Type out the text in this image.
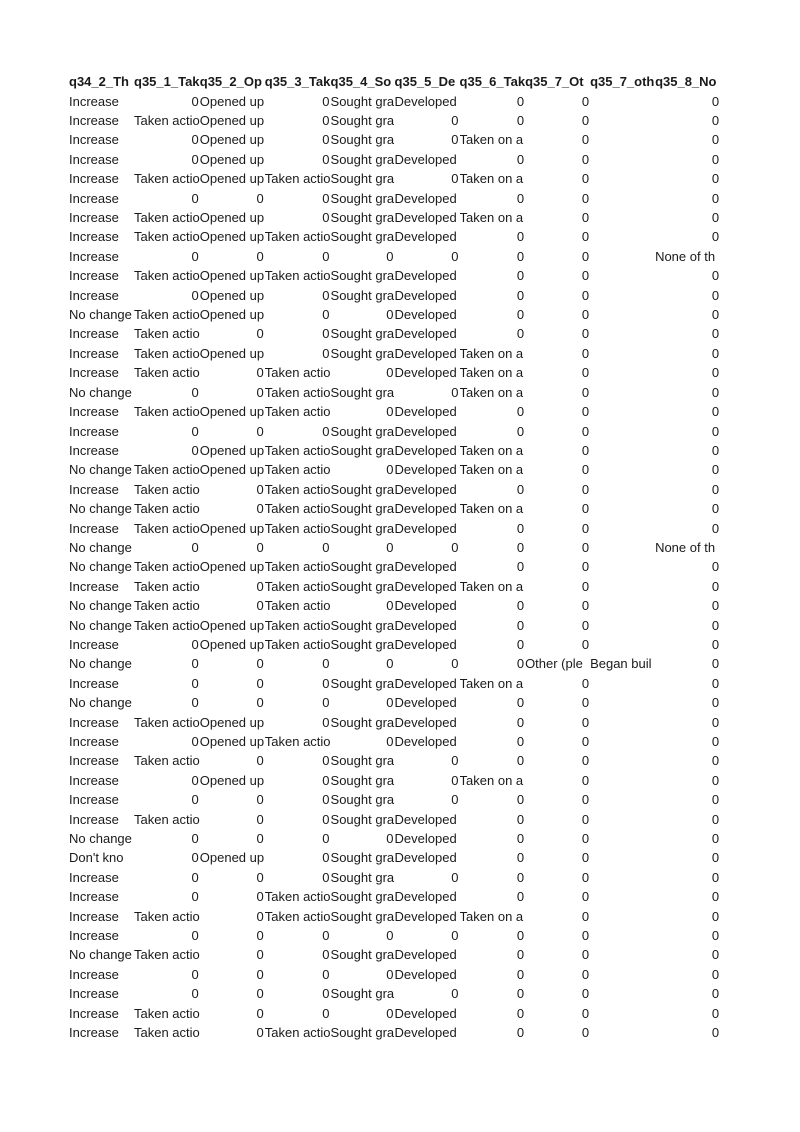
q34_2_Th	q35_1_Tak	q35_2_Op	q35_3_Tak	q35_4_So	q35_5_De	q35_6_Tak	q35_7_Ot	q35_7_oth	q35_8_No
Increase	0	Opened up	0	Sought gra	Developed	0	0		0
Increase	Taken actio	Opened up	0	Sought gra	0	0	0		0
Increase	0	Opened up	0	Sought gra	0	Taken on a	0		0
Increase	0	Opened up	0	Sought gra	Developed	0	0		0
Increase	Taken actio	Opened up	Taken actio	Sought gra	0	Taken on a	0		0
Increase	0	0	0	Sought gra	Developed	0	0		0
Increase	Taken actio	Opened up	0	Sought gra	Developed	Taken on a	0		0
Increase	Taken actio	Opened up	Taken actio	Sought gra	Developed	0	0		0
Increase	0	0	0	0	0	0	0		None of th
Increase	Taken actio	Opened up	Taken actio	Sought gra	Developed	0	0		0
Increase	0	Opened up	0	Sought gra	Developed	0	0		0
No change	Taken actio	Opened up	0	0	Developed	0	0		0
Increase	Taken actio	0	0	Sought gra	Developed	0	0		0
Increase	Taken actio	Opened up	0	Sought gra	Developed	Taken on a	0		0
Increase	Taken actio	0	Taken actio	0	Developed	Taken on a	0		0
No change	0	0	Taken actio	Sought gra	0	Taken on a	0		0
Increase	Taken actio	Opened up	Taken actio	0	Developed	0	0		0
Increase	0	0	0	Sought gra	Developed	0	0		0
Increase	0	Opened up	Taken actio	Sought gra	Developed	Taken on a	0		0
No change	Taken actio	Opened up	Taken actio	0	Developed	Taken on a	0		0
Increase	Taken actio	0	Taken actio	Sought gra	Developed	0	0		0
No change	Taken actio	0	Taken actio	Sought gra	Developed	Taken on a	0		0
Increase	Taken actio	Opened up	Taken actio	Sought gra	Developed	0	0		0
No change	0	0	0	0	0	0	0		None of th
No change	Taken actio	Opened up	Taken actio	Sought gra	Developed	0	0		0
Increase	Taken actio	0	Taken actio	Sought gra	Developed	Taken on a	0		0
No change	Taken actio	0	Taken actio	0	Developed	0	0		0
No change	Taken actio	Opened up	Taken actio	Sought gra	Developed	0	0		0
Increase	0	Opened up	Taken actio	Sought gra	Developed	0	0		0
No change	0	0	0	0	0	0	Other (ple	Began buil	0
Increase	0	0	0	Sought gra	Developed	Taken on a	0		0
No change	0	0	0	0	Developed	0	0		0
Increase	Taken actio	Opened up	0	Sought gra	Developed	0	0		0
Increase	0	Opened up	Taken actio	0	Developed	0	0		0
Increase	Taken actio	0	0	Sought gra	0	0	0		0
Increase	0	Opened up	0	Sought gra	0	Taken on a	0		0
Increase	0	0	0	Sought gra	0	0	0		0
Increase	Taken actio	0	0	Sought gra	Developed	0	0		0
No change	0	0	0	0	Developed	0	0		0
Don't kno	0	Opened up	0	Sought gra	Developed	0	0		0
Increase	0	0	0	Sought gra	0	0	0		0
Increase	0	0	Taken actio	Sought gra	Developed	0	0		0
Increase	Taken actio	0	Taken actio	Sought gra	Developed	Taken on a	0		0
Increase	0	0	0	0	0	0	0		0
No change	Taken actio	0	0	Sought gra	Developed	0	0		0
Increase	0	0	0	0	Developed	0	0		0
Increase	0	0	0	Sought gra	0	0	0		0
Increase	Taken actio	0	0	0	Developed	0	0		0
Increase	Taken actio	0	Taken actio	Sought gra	Developed	0	0		0
